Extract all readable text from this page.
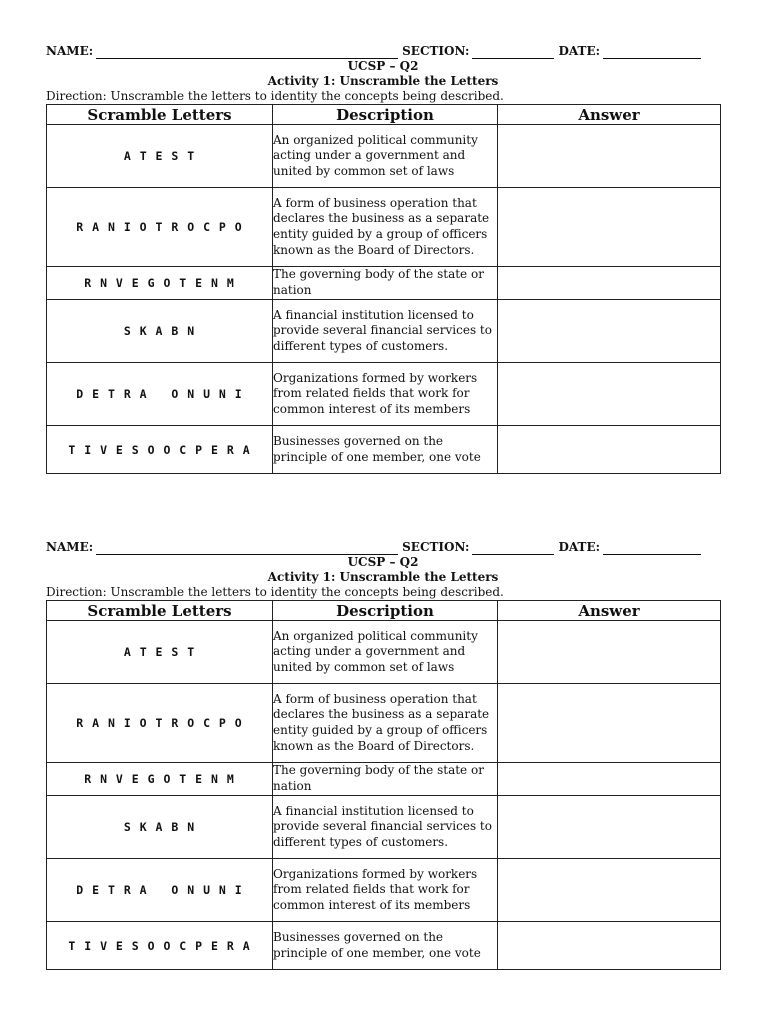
NAME:	SECTION:	DATE:
UCSP – Q2
Activity 1: Unscramble the Letters
Direction: Unscramble the letters to identity the concepts being described.
Scramble Letters	Description	Answer
A T E S T	An organized political community acting under a government and united by common set of laws	
R A N I O T R O C P O	A form of business operation that declares the business as a separate entity guided by a group of officers known as the Board of Directors.	
R N V E G O T E N M	The governing body of the state or nation	
S K A B N	A financial institution licensed to provide several financial services to different types of customers.	
D E T R A   O N U N I	Organizations formed by workers from related fields that work for common interest of its members	
T I V E S O O C P E R A	Businesses governed on the principle of one member, one vote	
NAME:	SECTION:	DATE:
UCSP – Q2
Activity 1: Unscramble the Letters
Direction: Unscramble the letters to identity the concepts being described.
Scramble Letters	Description	Answer
A T E S T	An organized political community acting under a government and united by common set of laws	
R A N I O T R O C P O	A form of business operation that declares the business as a separate entity guided by a group of officers known as the Board of Directors.	
R N V E G O T E N M	The governing body of the state or nation	
S K A B N	A financial institution licensed to provide several financial services to different types of customers.	
D E T R A   O N U N I	Organizations formed by workers from related fields that work for common interest of its members	
T I V E S O O C P E R A	Businesses governed on the principle of one member, one vote	
